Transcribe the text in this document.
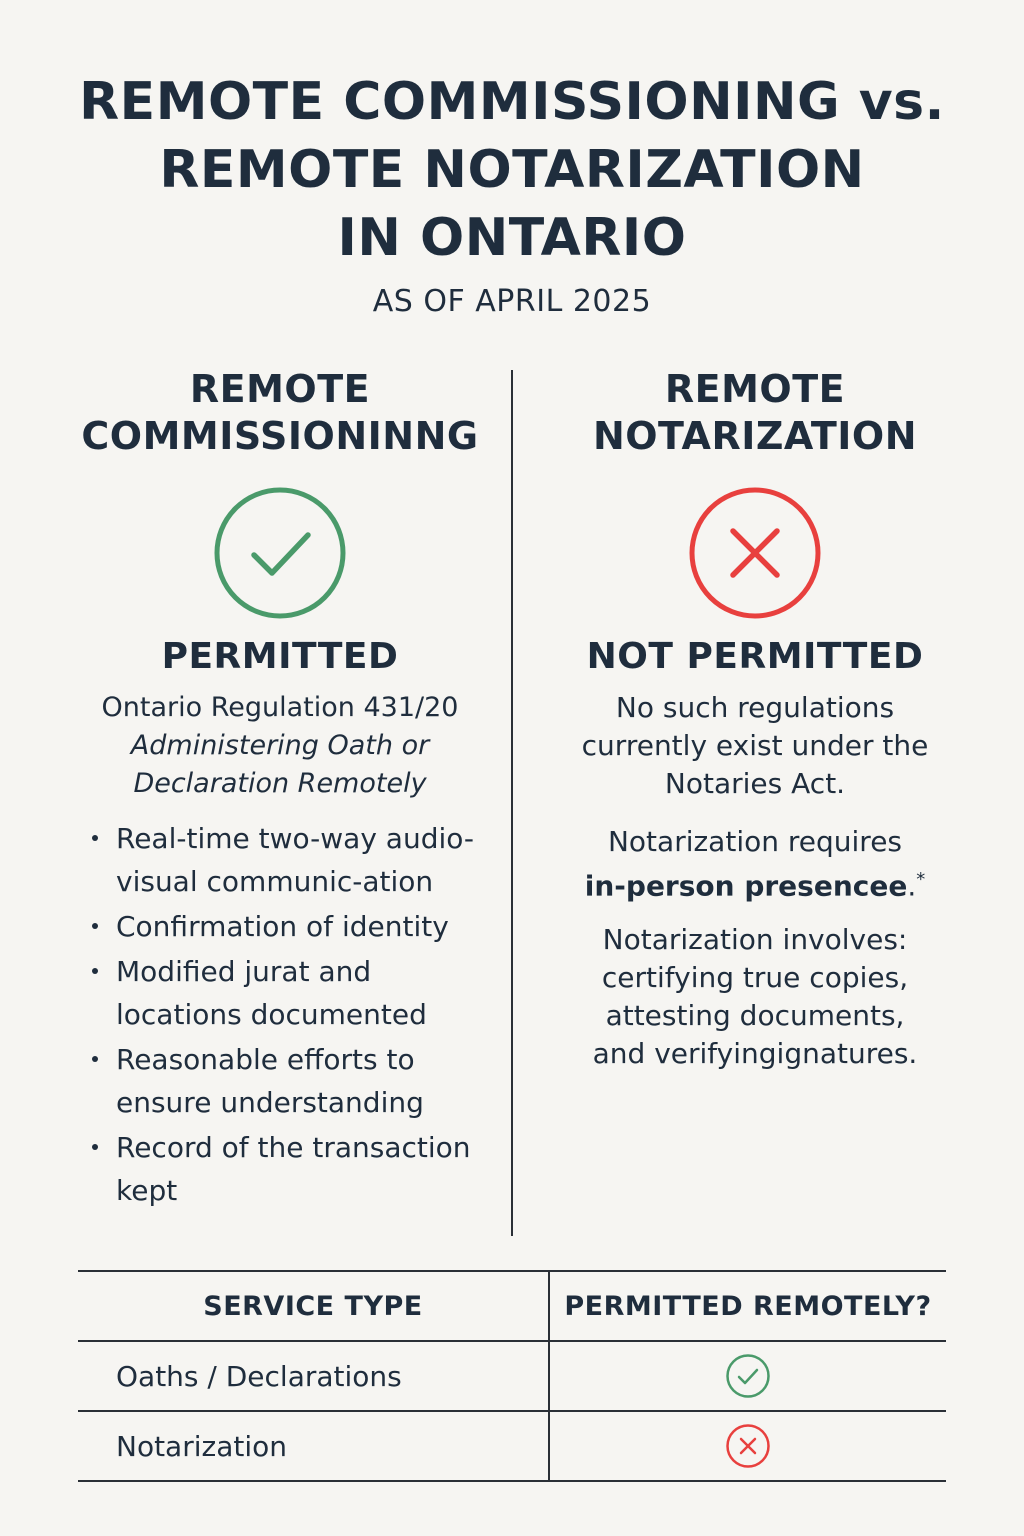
REMOTE COMMISSIONING vs.
REMOTE NOTARIZATION
IN ONTARIO
AS OF APRIL 2025
REMOTE
COMMISSIONINNG
PERMITTED
Ontario Regulation 431/20
Administering Oath or
Declaration Remotely
Real-time two-way audio-visual communic-ation
Confirmation of identity
Modified jurat and locations documented
Reasonable efforts to ensure understanding
Record of the transaction kept
REMOTE
NOTARIZATION
NOT PERMITTED
No such regulations
currently exist under the
Notaries Act.
Notarization requires
in-person presencee.*
Notarization involves:
certifying true copies,
attesting documents,
and verifyingignatures.
SERVICE TYPE	PERMITTED REMOTELY?
Oaths / Declarations	
Notarization	
